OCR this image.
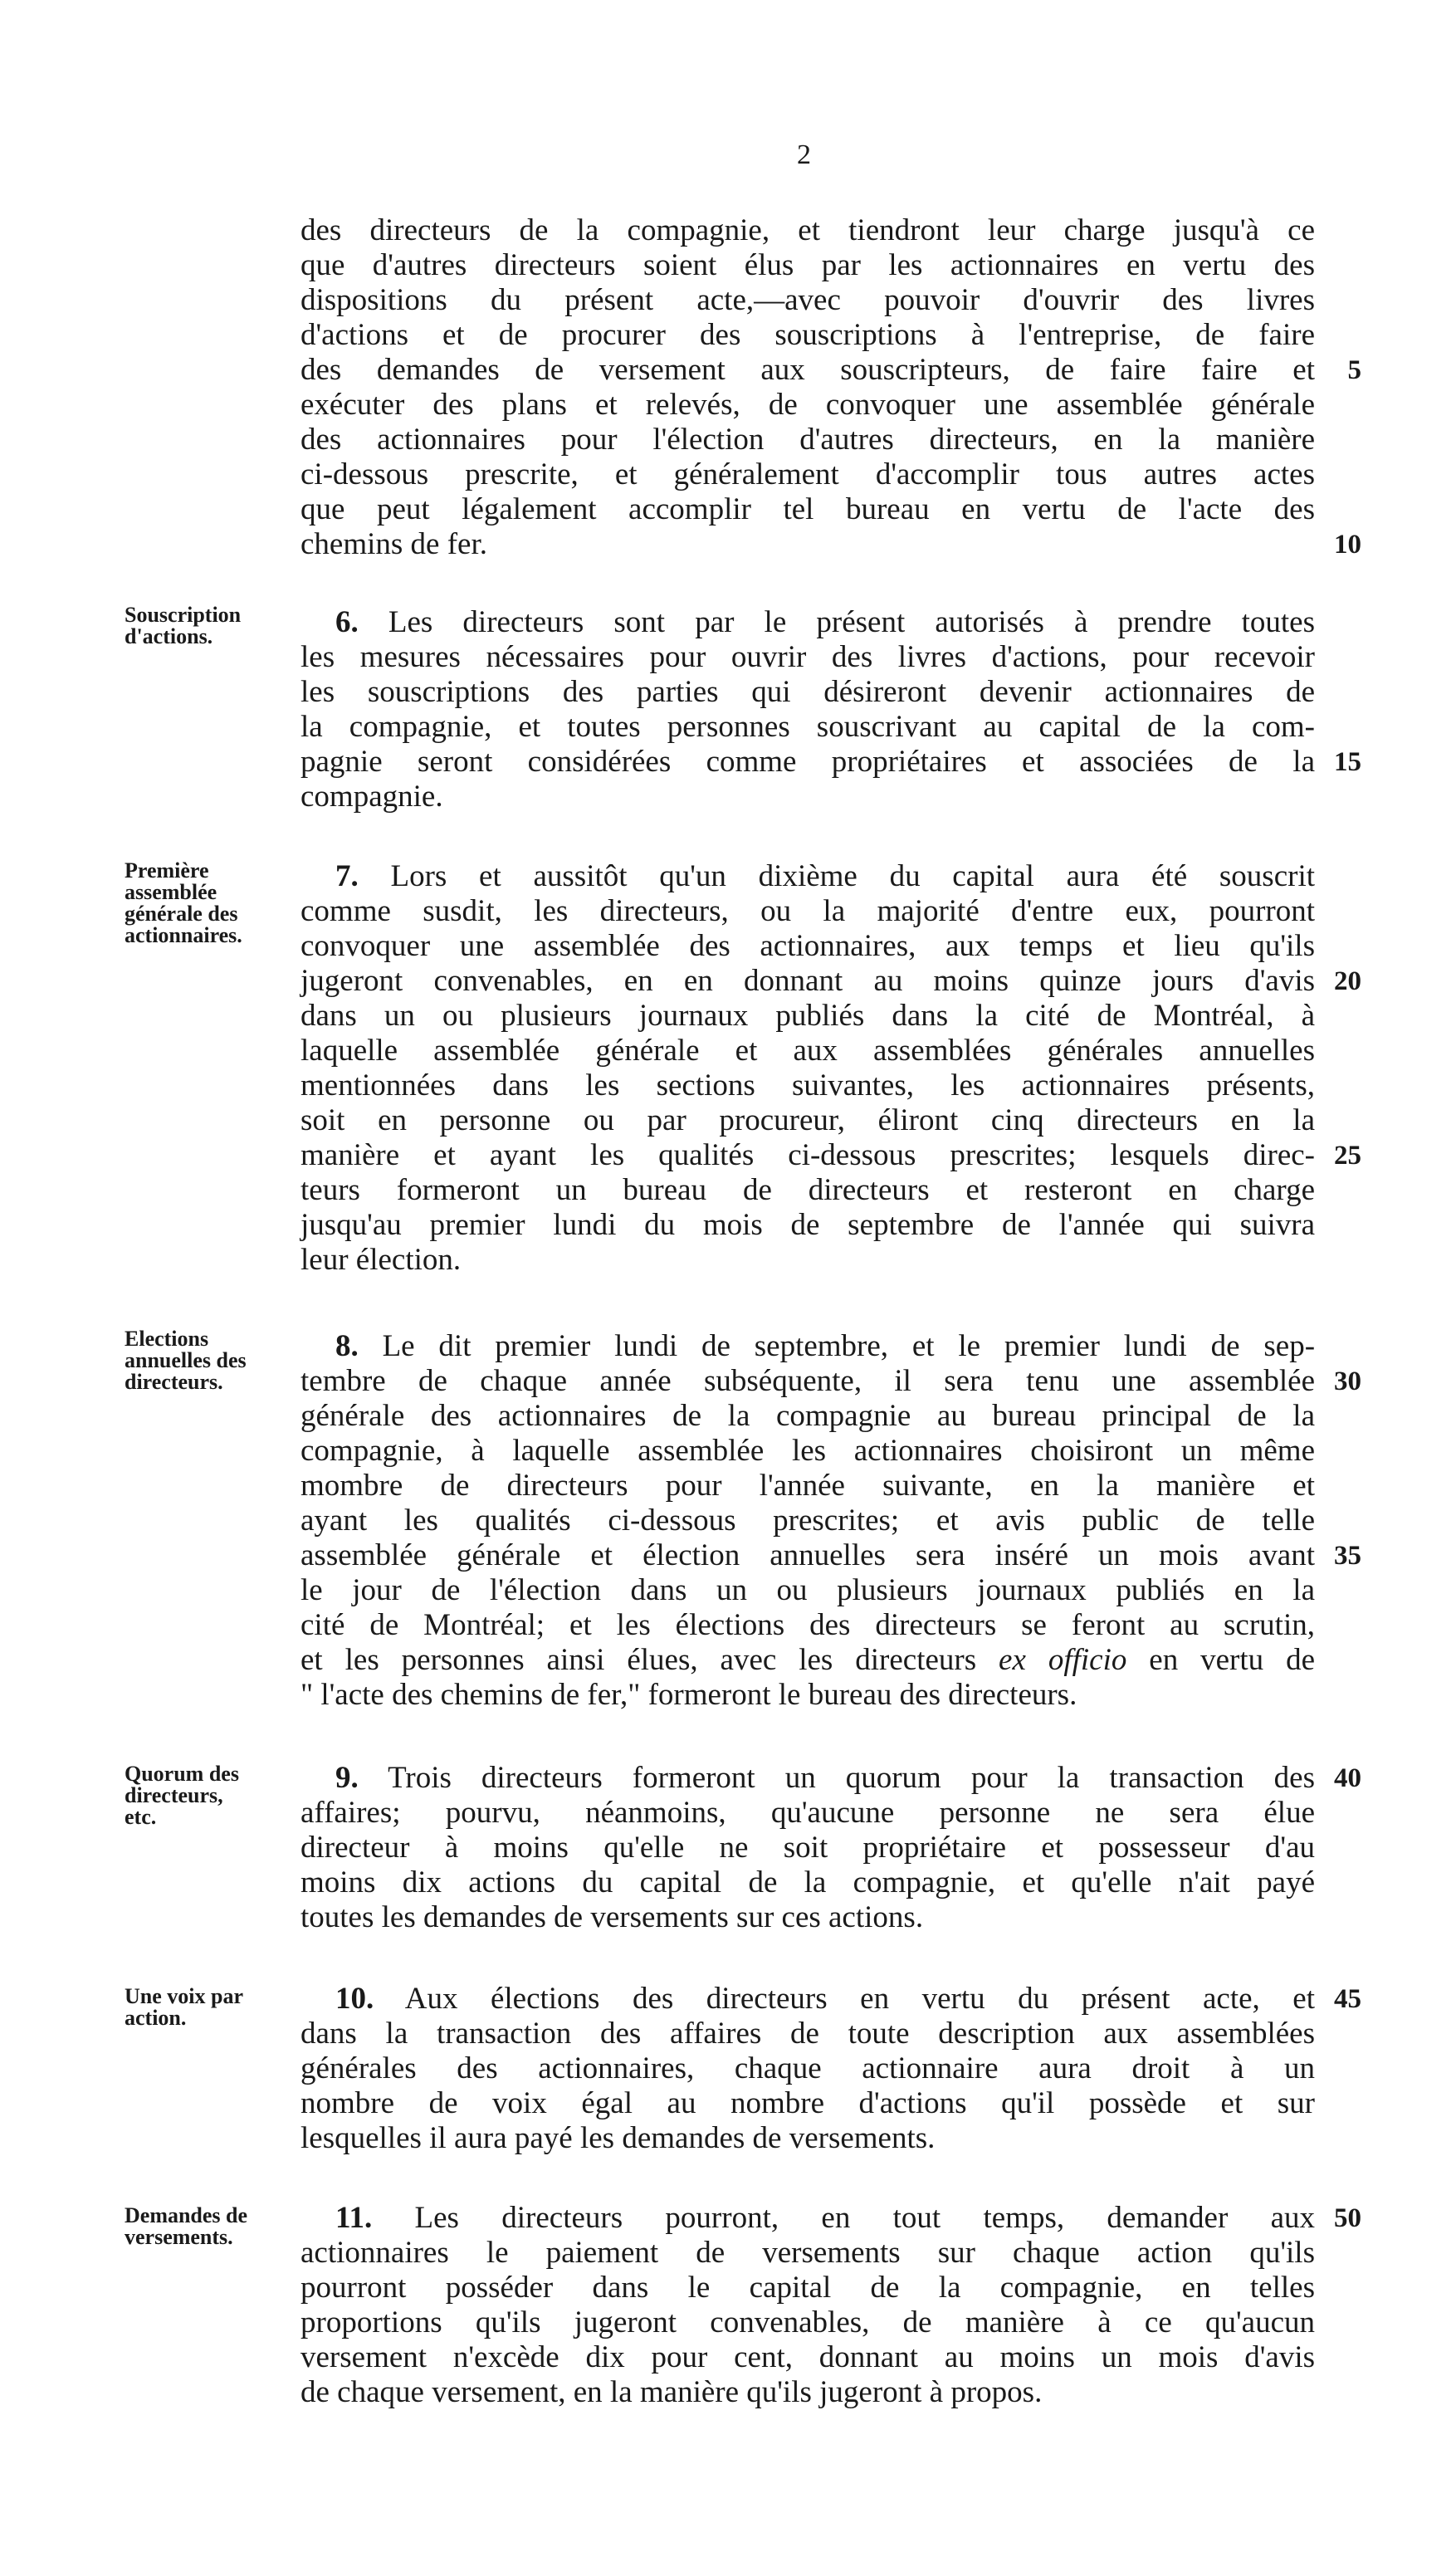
2
des directeurs de la compagnie, et tiendront leur charge jusqu'à ce
que d'autres directeurs soient élus par les actionnaires en vertu des
dispositions du présent acte,—avec pouvoir d'ouvrir des livres
d'actions et de procurer des souscriptions à l'entreprise, de faire
des demandes de versement aux souscripteurs, de faire faire et
exécuter des plans et relevés, de convoquer une assemblée générale
des actionnaires pour l'élection d'autres directeurs, en la manière
ci-dessous prescrite, et généralement d'accomplir tous autres actes
que peut légalement accomplir tel bureau en vertu de l'acte des
chemins de fer.
Souscription
d'actions.	6. Les directeurs sont par le présent autorisés à prendre toutes
les mesures nécessaires pour ouvrir des livres d'actions, pour recevoir
les souscriptions des parties qui désireront devenir actionnaires de
la compagnie, et toutes personnes souscrivant au capital de la com-
pagnie seront considérées comme propriétaires et associées de la
compagnie.
Première
assemblée
générale des
actionnaires.
7. Lors et aussitôt qu'un dixième du capital aura été souscrit
comme susdit, les directeurs, ou la majorité d'entre eux, pourront
convoquer une assemblée des actionnaires, aux temps et lieu qu'ils
jugeront convenables, en en donnant au moins quinze jours d'avis
dans un ou plusieurs journaux publiés dans la cité de Montréal, à
laquelle assemblée générale et aux assemblées générales annuelles
mentionnées dans les sections suivantes, les actionnaires présents,
soit en personne ou par procureur, éliront cinq directeurs en la
manière et ayant les qualités ci-dessous prescrites; lesquels direc-
teurs formeront un bureau de directeurs et resteront en charge
jusqu'au premier lundi du mois de septembre de l'année qui suivra
leur élection.
Elections
annuelles des
directeurs.
8. Le dit premier lundi de septembre, et le premier lundi de sep-
tembre de chaque année subséquente, il sera tenu une assemblée
générale des actionnaires de la compagnie au bureau principal de la
compagnie, à laquelle assemblée les actionnaires choisiront un même
mombre de directeurs pour l'année suivante, en la manière et
ayant les qualités ci-dessous prescrites; et avis public de telle
assemblée générale et élection annuelles sera inséré un mois avant
le jour de l'élection dans un ou plusieurs journaux publiés en la
cité de Montréal; et les élections des directeurs se feront au scrutin,
et les personnes ainsi élues, avec les directeurs ex officio en vertu de
" l'acte des chemins de fer," formeront le bureau des directeurs.
Quorum des
directeurs,
etc.
9. Trois directeurs formeront un quorum pour la transaction des
affaires; pourvu, néanmoins, qu'aucune personne ne sera élue
directeur à moins qu'elle ne soit propriétaire et possesseur d'au
moins dix actions du capital de la compagnie, et qu'elle n'ait payé
toutes les demandes de versements sur ces actions.
Une voix par
action.
10. Aux élections des directeurs en vertu du présent acte, et
dans la transaction des affaires de toute description aux assemblées
générales des actionnaires, chaque actionnaire aura droit à un
nombre de voix égal au nombre d'actions qu'il possède et sur
lesquelles il aura payé les demandes de versements.
Demandes de
versements.
11. Les directeurs pourront, en tout temps, demander aux
actionnaires le paiement de versements sur chaque action qu'ils
pourront posséder dans le capital de la compagnie, en telles
proportions qu'ils jugeront convenables, de manière à ce qu'aucun
versement n'excède dix pour cent, donnant au moins un mois d'avis
de chaque versement, en la manière qu'ils jugeront à propos.
5
10
15
20
25
30
35
40
45
50
